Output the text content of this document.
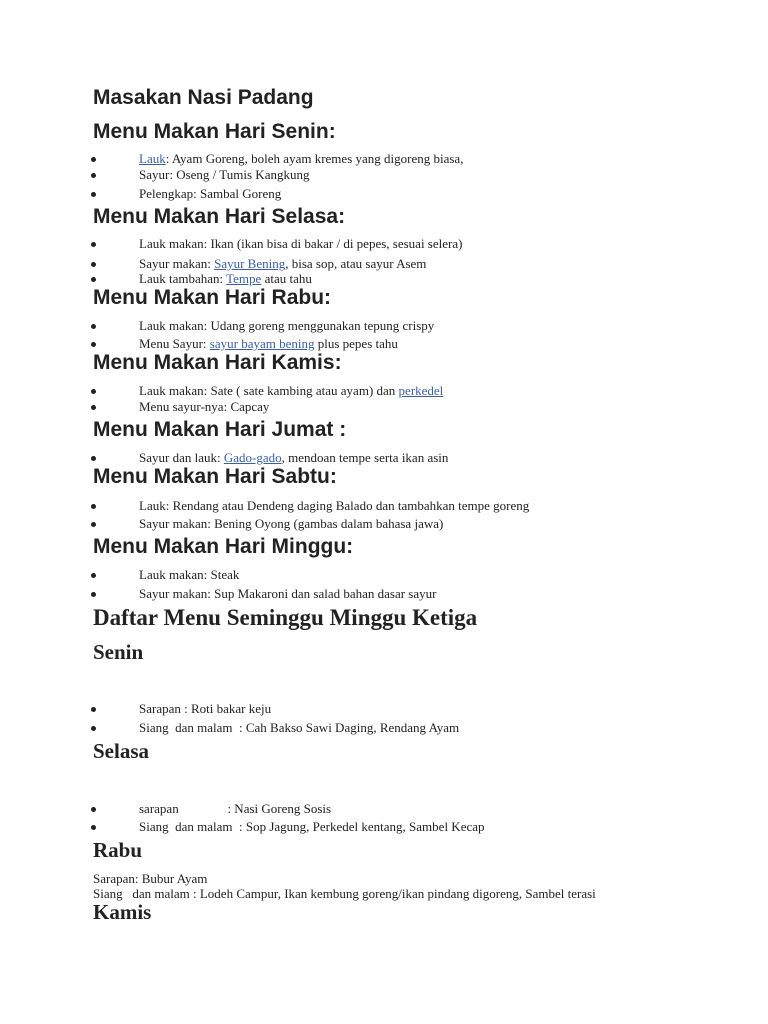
Masakan Nasi Padang
Menu Makan Hari Senin:
Lauk: Ayam Goreng, boleh ayam kremes yang digoreng biasa,
Sayur: Oseng / Tumis Kangkung
Pelengkap: Sambal Goreng
Menu Makan Hari Selasa:
Lauk makan: Ikan (ikan bisa di bakar / di pepes, sesuai selera)
Sayur makan: Sayur Bening, bisa sop, atau sayur Asem
Lauk tambahan: Tempe atau tahu
Menu Makan Hari Rabu:
Lauk makan: Udang goreng menggunakan tepung crispy
Menu Sayur: sayur bayam bening plus pepes tahu
Menu Makan Hari Kamis:
Lauk makan: Sate ( sate kambing atau ayam) dan perkedel
Menu sayur-nya: Capcay
Menu Makan Hari Jumat :
Sayur dan lauk: Gado-gado, mendoan tempe serta ikan asin
Menu Makan Hari Sabtu:
Lauk: Rendang atau Dendeng daging Balado dan tambahkan tempe goreng
Sayur makan: Bening Oyong (gambas dalam bahasa jawa)
Menu Makan Hari Minggu:
Lauk makan: Steak
Sayur makan: Sup Makaroni dan salad bahan dasar sayur
Daftar Menu Seminggu Minggu Ketiga
Senin
Sarapan : Roti bakar keju
Siang  dan malam  : Cah Bakso Sawi Daging, Rendang Ayam
Selasa
sarapan               : Nasi Goreng Sosis
Siang  dan malam  : Sop Jagung, Perkedel kentang, Sambel Kecap
Rabu
Sarapan: Bubur Ayam
Siang   dan malam : Lodeh Campur, Ikan kembung goreng/ikan pindang digoreng, Sambel terasi
Kamis
